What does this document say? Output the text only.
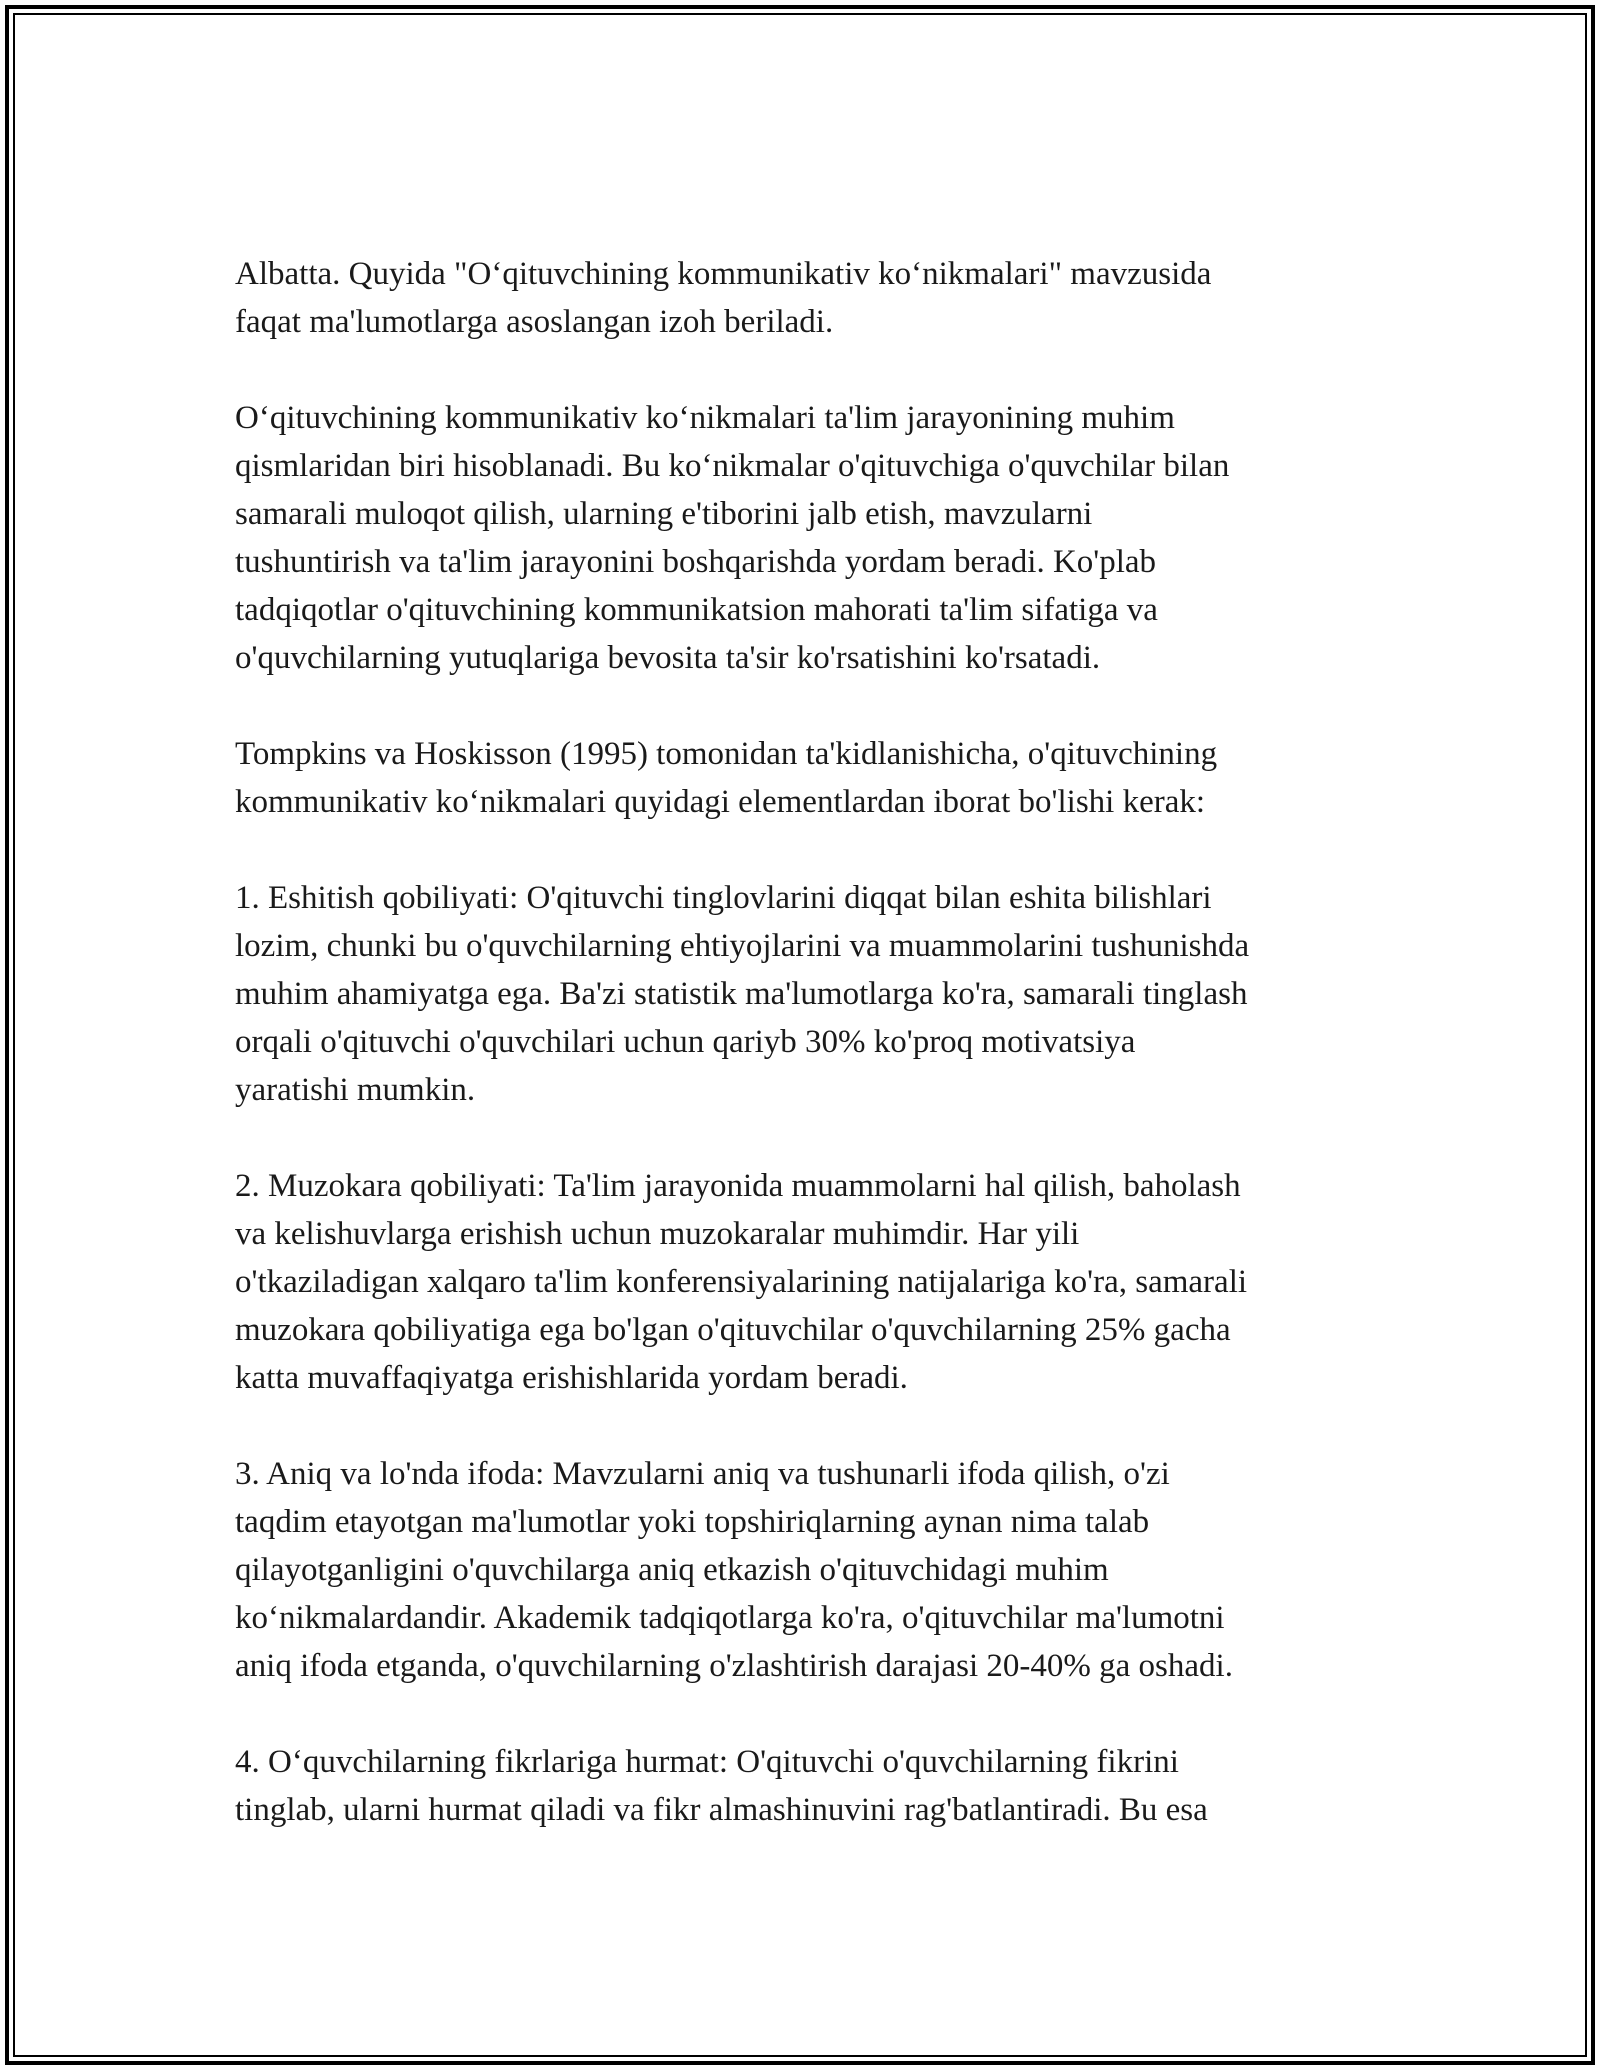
Albatta. Quyida "O‘qituvchining kommunikativ ko‘nikmalari" mavzusida
faqat ma'lumotlarga asoslangan izoh beriladi.

O‘qituvchining kommunikativ ko‘nikmalari ta'lim jarayonining muhim
qismlaridan biri hisoblanadi. Bu ko‘nikmalar o'qituvchiga o'quvchilar bilan
samarali muloqot qilish, ularning e'tiborini jalb etish, mavzularni
tushuntirish va ta'lim jarayonini boshqarishda yordam beradi. Ko'plab
tadqiqotlar o'qituvchining kommunikatsion mahorati ta'lim sifatiga va
o'quvchilarning yutuqlariga bevosita ta'sir ko'rsatishini ko'rsatadi.

Tompkins va Hoskisson (1995) tomonidan ta'kidlanishicha, o'qituvchining
kommunikativ ko‘nikmalari quyidagi elementlardan iborat bo'lishi kerak:

1. Eshitish qobiliyati: O'qituvchi tinglovlarini diqqat bilan eshita bilishlari
lozim, chunki bu o'quvchilarning ehtiyojlarini va muammolarini tushunishda
muhim ahamiyatga ega. Ba'zi statistik ma'lumotlarga ko'ra, samarali tinglash
orqali o'qituvchi o'quvchilari uchun qariyb 30% ko'proq motivatsiya
yaratishi mumkin.

2. Muzokara qobiliyati: Ta'lim jarayonida muammolarni hal qilish, baholash
va kelishuvlarga erishish uchun muzokaralar muhimdir. Har yili
o'tkaziladigan xalqaro ta'lim konferensiyalarining natijalariga ko'ra, samarali
muzokara qobiliyatiga ega bo'lgan o'qituvchilar o'quvchilarning 25% gacha
katta muvaffaqiyatga erishishlarida yordam beradi.

3. Aniq va lo'nda ifoda: Mavzularni aniq va tushunarli ifoda qilish, o'zi
taqdim etayotgan ma'lumotlar yoki topshiriqlarning aynan nima talab
qilayotganligini o'quvchilarga aniq etkazish o'qituvchidagi muhim
ko‘nikmalardandir. Akademik tadqiqotlarga ko'ra, o'qituvchilar ma'lumotni
aniq ifoda etganda, o'quvchilarning o'zlashtirish darajasi 20-40% ga oshadi.

4. O‘quvchilarning fikrlariga hurmat: O'qituvchi o'quvchilarning fikrini
tinglab, ularni hurmat qiladi va fikr almashinuvini rag'batlantiradi. Bu esa
